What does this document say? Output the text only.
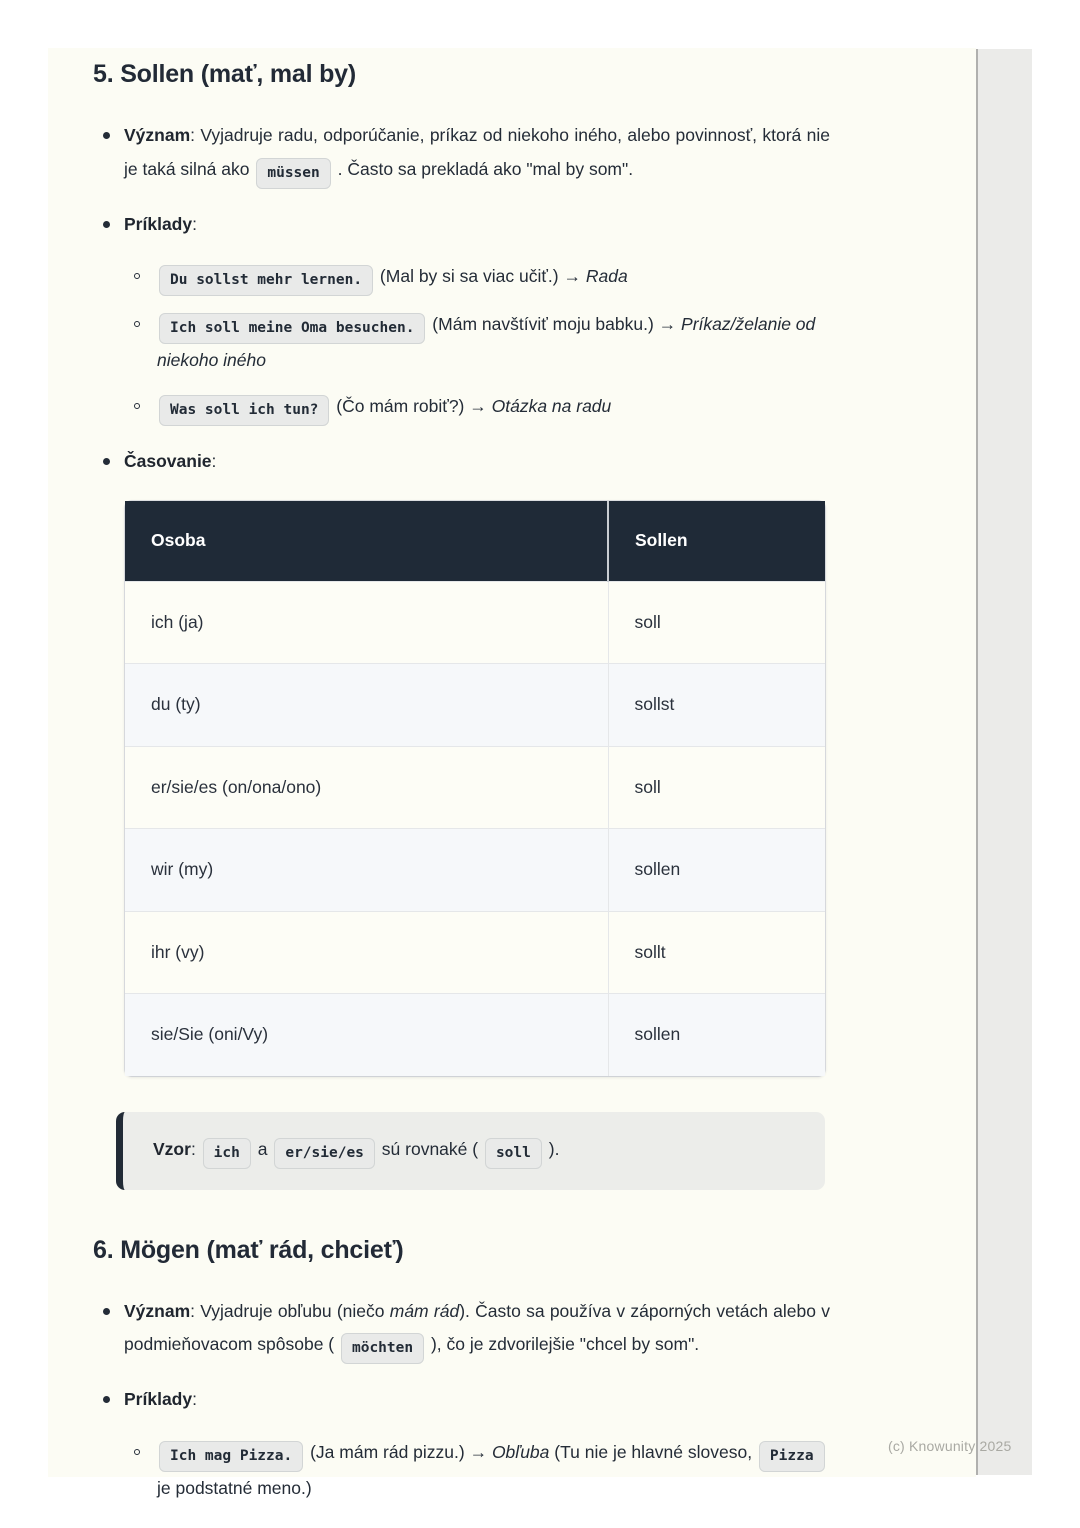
5. Sollen (mať, mal by)
Význam: Vyjadruje radu, odporúčanie, príkaz od niekoho iného, alebo povinnosť, ktorá nie je taká silná ako müssen . Často sa prekladá ako "mal by som".
Príklady:
Du sollst mehr lernen. (Mal by si sa viac učiť.) → Rada
Ich soll meine Oma besuchen. (Mám navštíviť moju babku.) → Príkaz/želanie od niekoho iného
Was soll ich tun? (Čo mám robiť?) → Otázka na radu
Časovanie:
Osoba	Sollen
ich (ja)	soll
du (ty)	sollst
er/sie/es (on/ona/ono)	soll
wir (my)	sollen
ihr (vy)	sollt
sie/Sie (oni/Vy)	sollen
Vzor: ich a er/sie/es sú rovnaké ( soll ).
6. Mögen (mať rád, chcieť)
Význam: Vyjadruje obľubu (niečo mám rád). Často sa používa v záporných vetách alebo v podmieňovacom spôsobe ( möchten ), čo je zdvorilejšie "chcel by som".
Príklady:
Ich mag Pizza. (Ja mám rád pizzu.) → Obľuba (Tu nie je hlavné sloveso, Pizza je podstatné meno.)
(c) Knowunity 2025
